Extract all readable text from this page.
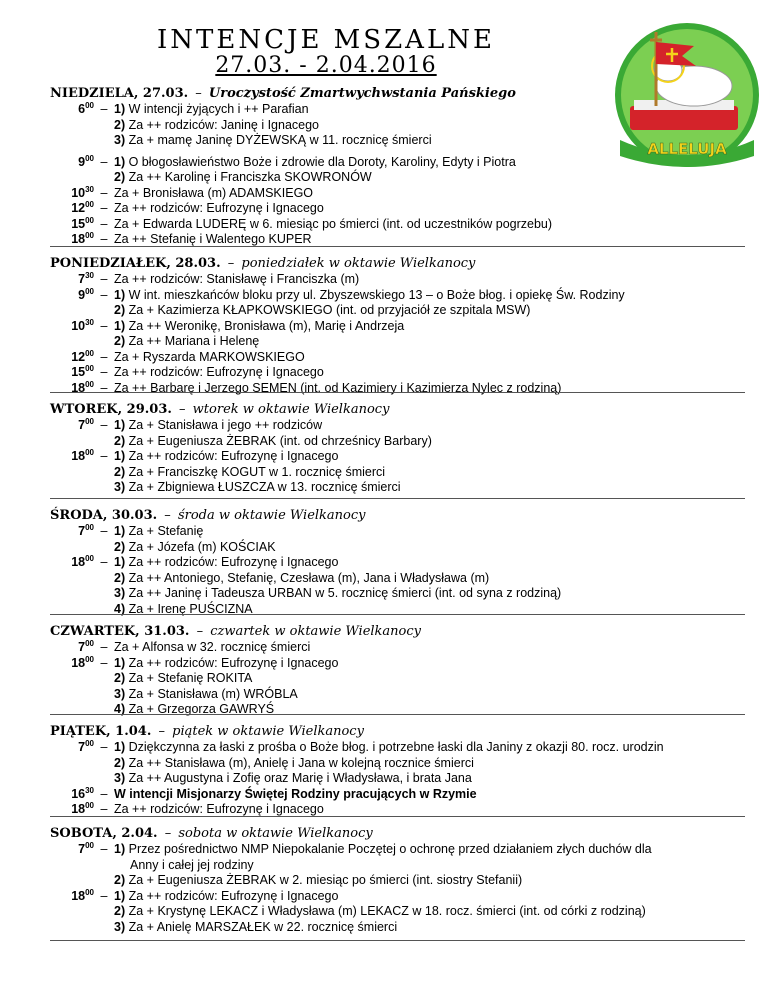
INTENCJE MSZALNE
27.03. - 2.04.2016
ALLELUJA
NIEDZIELA, 27.03. – Uroczystość Zmartwychwstania Pańskiego
$6^{00} - 1$) W intencji żyjących i ++ Parafian
2) Za ++ rodziców: Janinę i Ignacego
3) Za + mamę Janinę DYŻEWSKĄ w 11. rocznicę śmierci
$9^{00} - 1$) O błogosławieństwo Boże i zdrowie dla Doroty, Karoliny, Edyty i Piotra
2) Za ++ Karolinę i Franciszka SKOWRONÓW
$10^{30}$ – Za + Bronisława (m) ADAMSKIEGO
$12^{00}$ – Za ++ rodziców: Eufrozynę i Ignacego
$15^{00}$ – Za + Edwarda LUDERĘ w 6. miesiąc po śmierci (int. od uczestników pogrzebu)
$18^{00}$ – Za ++ Stefanię i Walentego KUPER
PONIEDZIAŁEK, 28.03. – poniedziałek w oktawie Wielkanocy
$7^{30}$ – Za ++ rodziców: Stanisławę i Franciszka (m)
$9^{00} - 1$) W int. mieszkańców bloku przy ul. Zbyszewskiego 13 – o Boże błog. i opiekę Św. Rodziny
2) Za + Kazimierza KŁAPKOWSKIEGO (int. od przyjaciół ze szpitala MSW)
$10^{30} - 1$) Za ++ Weronikę, Bronisława (m), Marię i Andrzeja
2) Za ++ Mariana i Helenę
$12^{00}$ – Za + Ryszarda MARKOWSKIEGO
$15^{00}$ – Za ++ rodziców: Eufrozynę i Ignacego
$18^{00}$ – Za ++ Barbarę i Jerzego SEMEN (int. od Kazimiery i Kazimierza Nylec z rodziną)
WTOREK, 29.03. – wtorek w oktawie Wielkanocy
$7^{00} - 1$) Za + Stanisława i jego ++ rodziców
2) Za + Eugeniusza ŻEBRAK (int. od chrześnicy Barbary)
$18^{00} - 1$) Za ++ rodziców: Eufrozynę i Ignacego
2) Za + Franciszkę KOGUT w 1. rocznicę śmierci
3) Za + Zbigniewa ŁUSZCZA w 13. rocznicę śmierci
ŚRODA, 30.03. – środa w oktawie Wielkanocy
$7^{00} - 1$) Za + Stefanię
2) Za + Józefa (m) KOŚCIAK
$18^{00} - 1$) Za ++ rodziców: Eufrozynę i Ignacego
2) Za ++ Antoniego, Stefanię, Czesława (m), Jana i Władysława (m)
3) Za ++ Janinę i Tadeusza URBAN w 5. rocznicę śmierci (int. od syna z rodziną)
4) Za + Irenę PUŚCIZNA
CZWARTEK, 31.03. – czwartek w oktawie Wielkanocy
$7^{00}$ – Za + Alfonsa w 32. rocznicę śmierci
$18^{00} - 1$) Za ++ rodziców: Eufrozynę i Ignacego
2) Za + Stefanię ROKITA
3) Za + Stanisława (m) WRÓBLA
4) Za + Grzegorza GAWRYŚ
PIĄTEK, 1.04. – piątek w oktawie Wielkanocy
$7^{00} - 1$) Dziękczynna za łaski z prośba o Boże błog. i potrzebne łaski dla Janiny z okazji 80. rocz. urodzin
2) Za ++ Stanisława (m), Anielę i Jana w kolejną rocznice śmierci
3) Za ++ Augustyna i Zofię oraz Marię i Władysława, i brata Jana
$16^{30}$ – W intencji Misjonarzy Świętej Rodziny pracujących w Rzymie
$18^{00}$ – Za ++ rodziców: Eufrozynę i Ignacego
SOBOTA, 2.04. – sobota w oktawie Wielkanocy
$7^{00} - 1$) Przez pośrednictwo NMP Niepokalanie Poczętej o ochronę przed działaniem złych duchów dla
Anny i całej jej rodziny
2) Za + Eugeniusza ŻEBRAK w 2. miesiąc po śmierci (int. siostry Stefanii)
$18^{00} - 1$) Za ++ rodziców: Eufrozynę i Ignacego
2) Za + Krystynę LEKACZ i Władysława (m) LEKACZ w 18. rocz. śmierci (int. od córki z rodziną)
3) Za + Anielę MARSZAŁEK w 22. rocznicę śmierci
